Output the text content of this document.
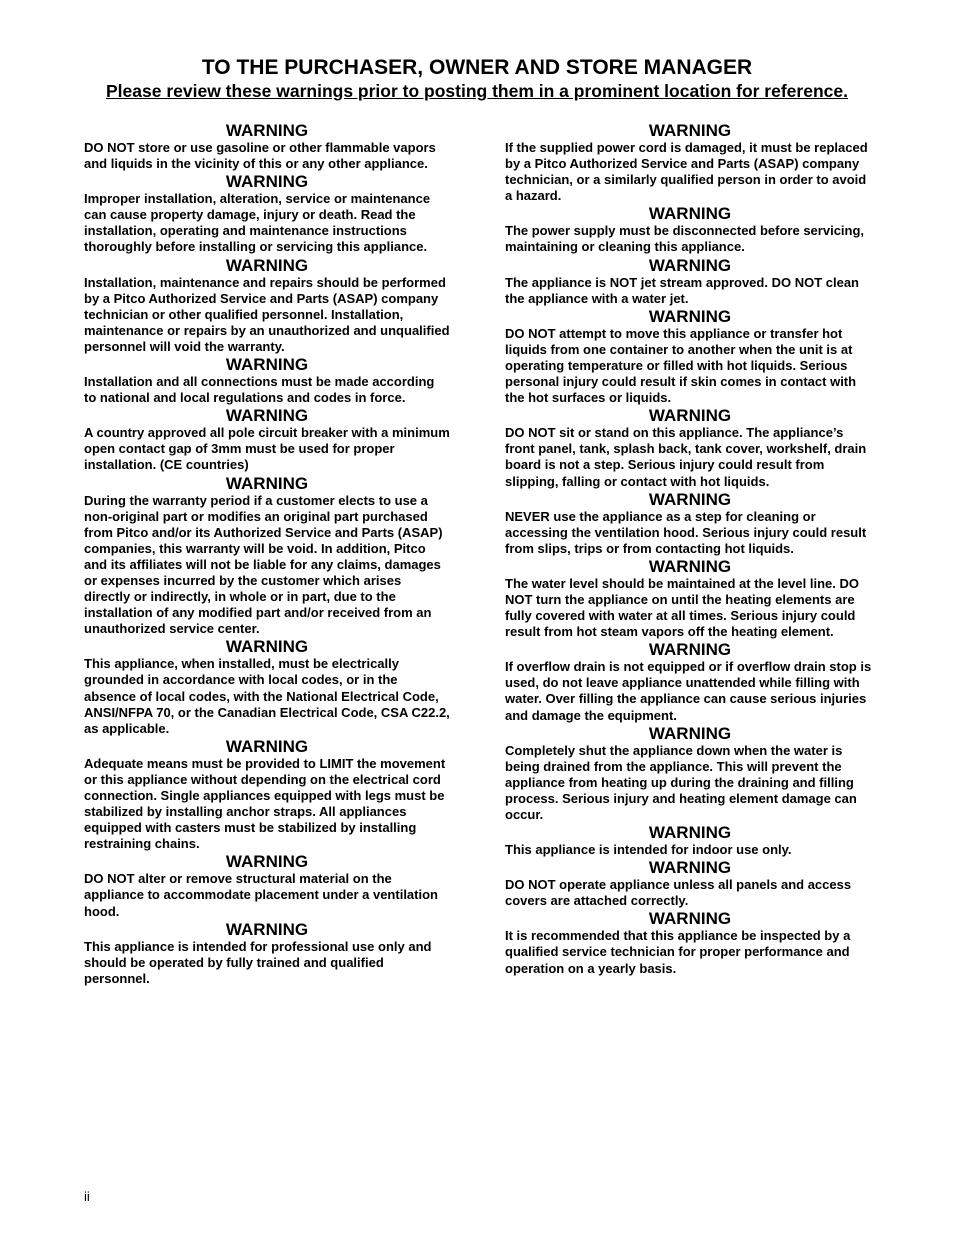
TO THE PURCHASER, OWNER AND STORE MANAGER
Please review these warnings prior to posting them in a prominent location for reference.
WARNING
DO NOT store or use gasoline or other flammable vapors and liquids in the vicinity of this or any other appliance.
WARNING
Improper installation, alteration, service or maintenance can cause property damage, injury or death. Read the installation, operating and maintenance instructions thoroughly before installing or servicing this appliance.
WARNING
Installation, maintenance and repairs should be performed by a Pitco Authorized Service and Parts (ASAP) company technician or other qualified personnel. Installation, maintenance or repairs by an unauthorized and unqualified personnel will void the warranty.
WARNING
Installation and all connections must be made according to national and local regulations and codes in force.
WARNING
A country approved all pole circuit breaker with a minimum open contact gap of 3mm must be used for proper installation. (CE countries)
WARNING
During the warranty period if a customer elects to use a non-original part or modifies an original part purchased from Pitco and/or its Authorized Service and Parts (ASAP) companies, this warranty will be void. In addition, Pitco and its affiliates will not be liable for any claims, damages or expenses incurred by the customer which arises directly or indirectly, in whole or in part, due to the installation of any modified part and/or received from an unauthorized service center.
WARNING
This appliance, when installed, must be electrically grounded in accordance with local codes, or in the absence of local codes, with the National Electrical Code, ANSI/NFPA 70, or the Canadian Electrical Code, CSA C22.2, as applicable.
WARNING
Adequate means must be provided to LIMIT the movement or this appliance without depending on the electrical cord connection. Single appliances equipped with legs must be stabilized by installing anchor straps. All appliances equipped with casters must be stabilized by installing restraining chains.
WARNING
DO NOT alter or remove structural material on the appliance to accommodate placement under a ventilation hood.
WARNING
This appliance is intended for professional use only and should be operated by fully trained and qualified personnel.
WARNING
If the supplied power cord is damaged, it must be replaced by a Pitco Authorized Service and Parts (ASAP) company technician, or a similarly qualified person in order to avoid a hazard.
WARNING
The power supply must be disconnected before servicing, maintaining or cleaning this appliance.
WARNING
The appliance is NOT jet stream approved. DO NOT clean the appliance with a water jet.
WARNING
DO NOT attempt to move this appliance or transfer hot liquids from one container to another when the unit is at operating temperature or filled with hot liquids. Serious personal injury could result if skin comes in contact with the hot surfaces or liquids.
WARNING
DO NOT sit or stand on this appliance. The appliance’s front panel, tank, splash back, tank cover, workshelf, drain board is not a step. Serious injury could result from slipping, falling or contact with hot liquids.
WARNING
NEVER use the appliance as a step for cleaning or accessing the ventilation hood. Serious injury could result from slips, trips or from contacting hot liquids.
WARNING
The water level should be maintained at the level line. DO NOT turn the appliance on until the heating elements are fully covered with water at all times. Serious injury could result from hot steam vapors off the heating element.
WARNING
If overflow drain is not equipped or if overflow drain stop is used, do not leave appliance unattended while filling with water. Over filling the appliance can cause serious injuries and damage the equipment.
WARNING
Completely shut the appliance down when the water is being drained from the appliance. This will prevent the appliance from heating up during the draining and filling process. Serious injury and heating element damage can occur.
WARNING
This appliance is intended for indoor use only.
WARNING
DO NOT operate appliance unless all panels and access covers are attached correctly.
WARNING
It is recommended that this appliance be inspected by a qualified service technician for proper performance and operation on a yearly basis.
ii
